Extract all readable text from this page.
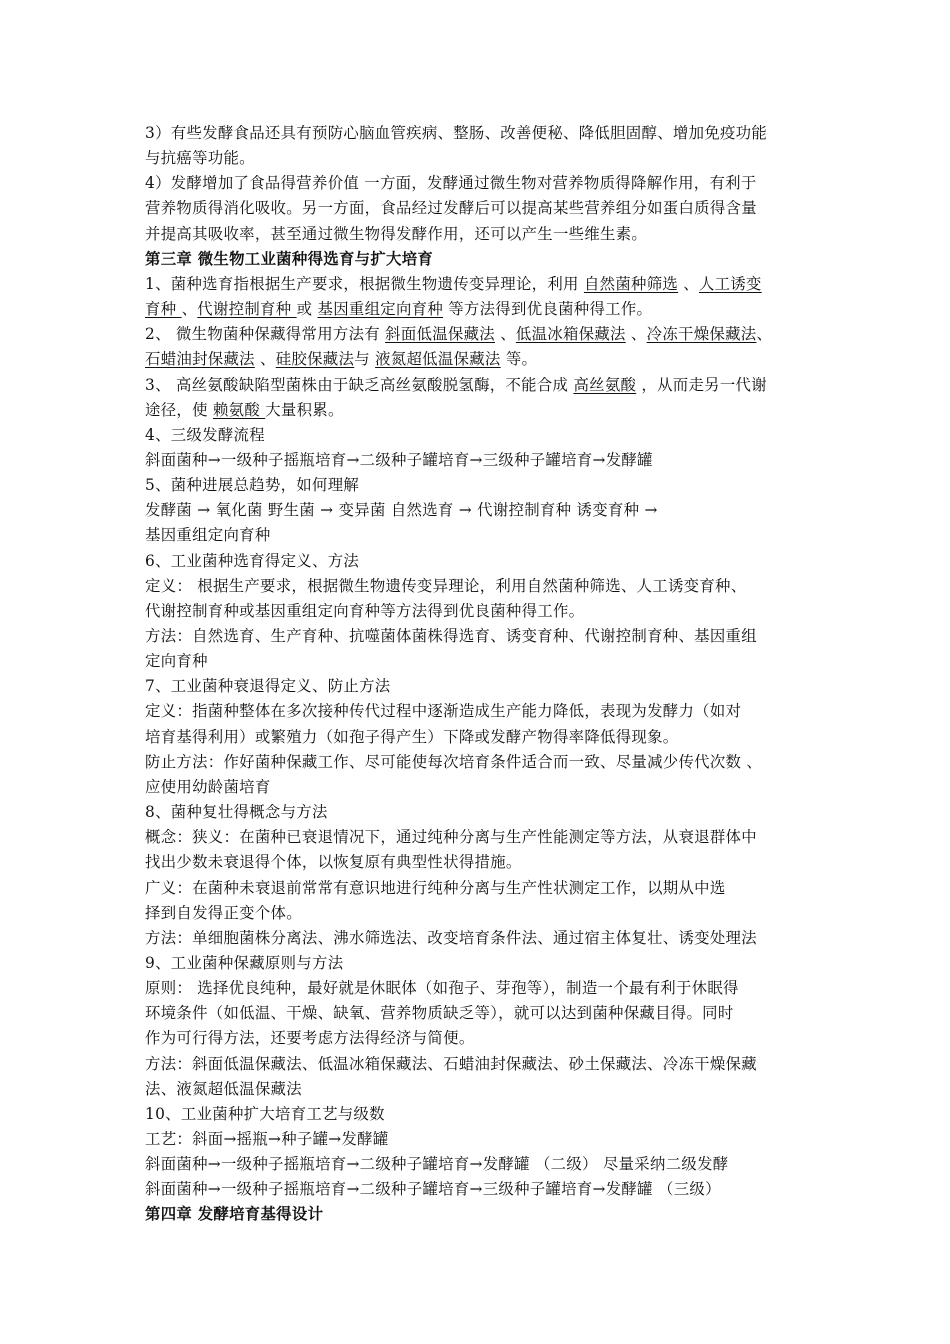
3）有些发酵食品还具有预防心脑血管疾病、整肠、改善便秘、降低胆固醇、增加免疫功能
与抗癌等功能。
4）发酵增加了食品得营养价值 一方面，发酵通过微生物对营养物质得降解作用，有利于
营养物质得消化吸收。另一方面，食品经过发酵后可以提高某些营养组分如蛋白质得含量
并提高其吸收率，甚至通过微生物得发酵作用，还可以产生一些维生素。
第三章 微生物工业菌种得选育与扩大培育
1、菌种选育指根据生产要求，根据微生物遗传变异理论，利用 自然菌种筛选 、人工诱变
育种 、代谢控制育种 或 基因重组定向育种 等方法得到优良菌种得工作。
2、 微生物菌种保藏得常用方法有 斜面低温保藏法 、低温冰箱保藏法 、冷冻干燥保藏法、
石蜡油封保藏法 、硅胶保藏法与 液氮超低温保藏法 等。
3、 高丝氨酸缺陷型菌株由于缺乏高丝氨酸脱氢酶，不能合成 高丝氨酸 ，从而走另一代谢
途径，使 赖氨酸 大量积累。
4、三级发酵流程
斜面菌种→一级种子摇瓶培育→二级种子罐培育→三级种子罐培育→发酵罐
5、菌种进展总趋势，如何理解
发酵菌 → 氧化菌 野生菌 → 变异菌 自然选育 → 代谢控制育种 诱变育种 →
基因重组定向育种
6、工业菌种选育得定义、方法
定义： 根据生产要求，根据微生物遗传变异理论，利用自然菌种筛选、人工诱变育种、
代谢控制育种或基因重组定向育种等方法得到优良菌种得工作。
方法：自然选育、生产育种、抗噬菌体菌株得选育、诱变育种、代谢控制育种、基因重组
定向育种
7、工业菌种衰退得定义、防止方法
定义：指菌种整体在多次接种传代过程中逐渐造成生产能力降低，表现为发酵力（如对
培育基得利用）或繁殖力（如孢子得产生）下降或发酵产物得率降低得现象。
防止方法：作好菌种保藏工作、尽可能使每次培育条件适合而一致、尽量减少传代次数 、
应使用幼龄菌培育
8、菌种复壮得概念与方法
概念：狭义：在菌种已衰退情况下，通过纯种分离与生产性能测定等方法，从衰退群体中
找出少数未衰退得个体，以恢复原有典型性状得措施。
广义：在菌种未衰退前常常有意识地进行纯种分离与生产性状测定工作，以期从中选
择到自发得正变个体。
方法：单细胞菌株分离法、沸水筛选法、改变培育条件法、通过宿主体复壮、诱变处理法
9、工业菌种保藏原则与方法
原则： 选择优良纯种，最好就是休眠体（如孢子、芽孢等），制造一个最有利于休眠得
环境条件（如低温、干燥、缺氧、营养物质缺乏等），就可以达到菌种保藏目得。同时
作为可行得方法，还要考虑方法得经济与简便。
方法：斜面低温保藏法、低温冰箱保藏法、石蜡油封保藏法、砂土保藏法、冷冻干燥保藏
法、液氮超低温保藏法
10、工业菌种扩大培育工艺与级数
工艺：斜面→摇瓶→种子罐→发酵罐
斜面菌种→一级种子摇瓶培育→二级种子罐培育→发酵罐 （二级） 尽量采纳二级发酵
斜面菌种→一级种子摇瓶培育→二级种子罐培育→三级种子罐培育→发酵罐 （三级）
第四章 发酵培育基得设计
